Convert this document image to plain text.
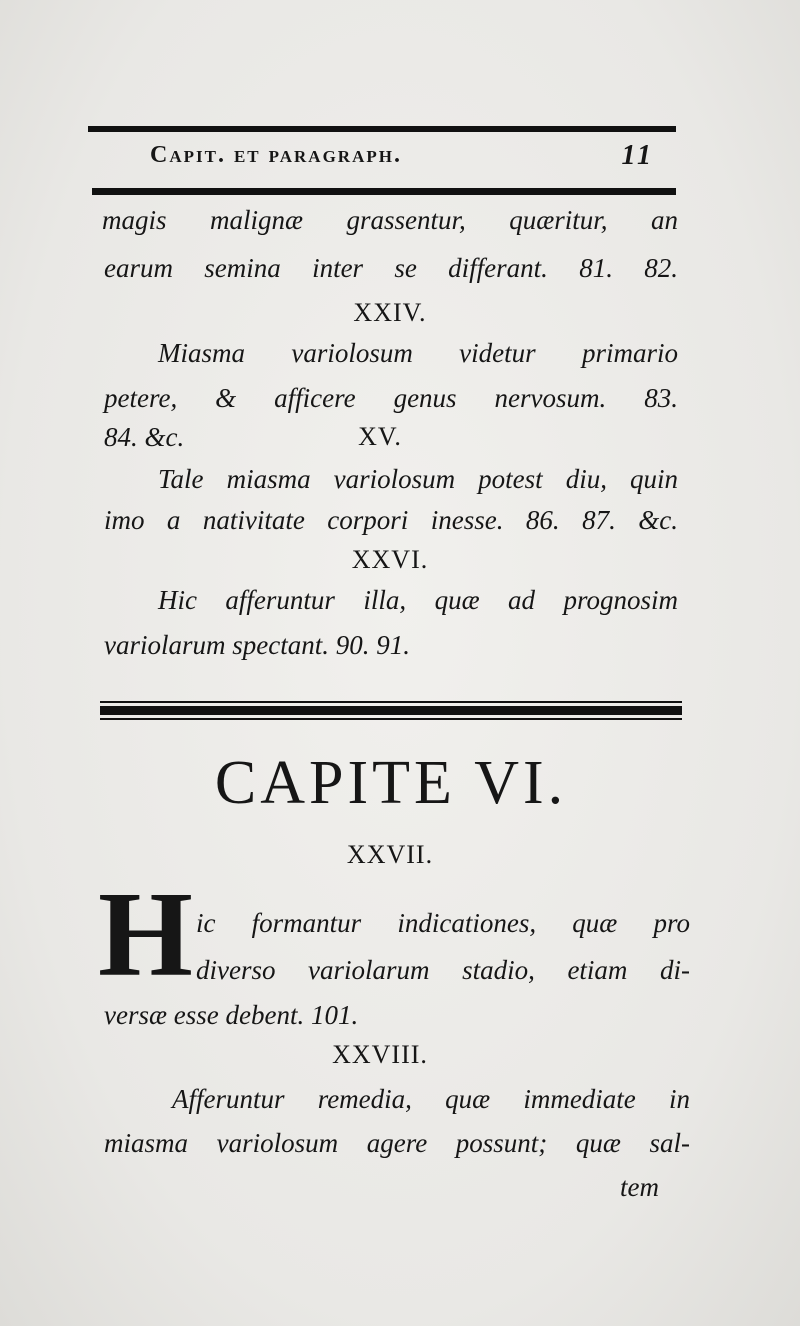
Capit. et paragraph.	11
magis malignæ grassentur, quæritur, an
earum semina inter se differant. 81. 82.
XXIV.
Miasma variolosum videtur primario
petere, & afficere genus nervosum. 83.
84. &c.	XV.
Tale miasma variolosum potest diu, quin
imo a nativitate corpori inesse. 86. 87. &c.
XXVI.
Hic afferuntur illa, quæ ad prognosim
variolarum spectant. 90. 91.
CAPITE VI.
XXVII.
H ic formantur indicationes, quæ pro
diverso variolarum stadio, etiam di-
versæ esse debent. 101.
XXVIII.
Afferuntur remedia, quæ immediate in
miasma variolosum agere possunt; quæ sal-
tem
